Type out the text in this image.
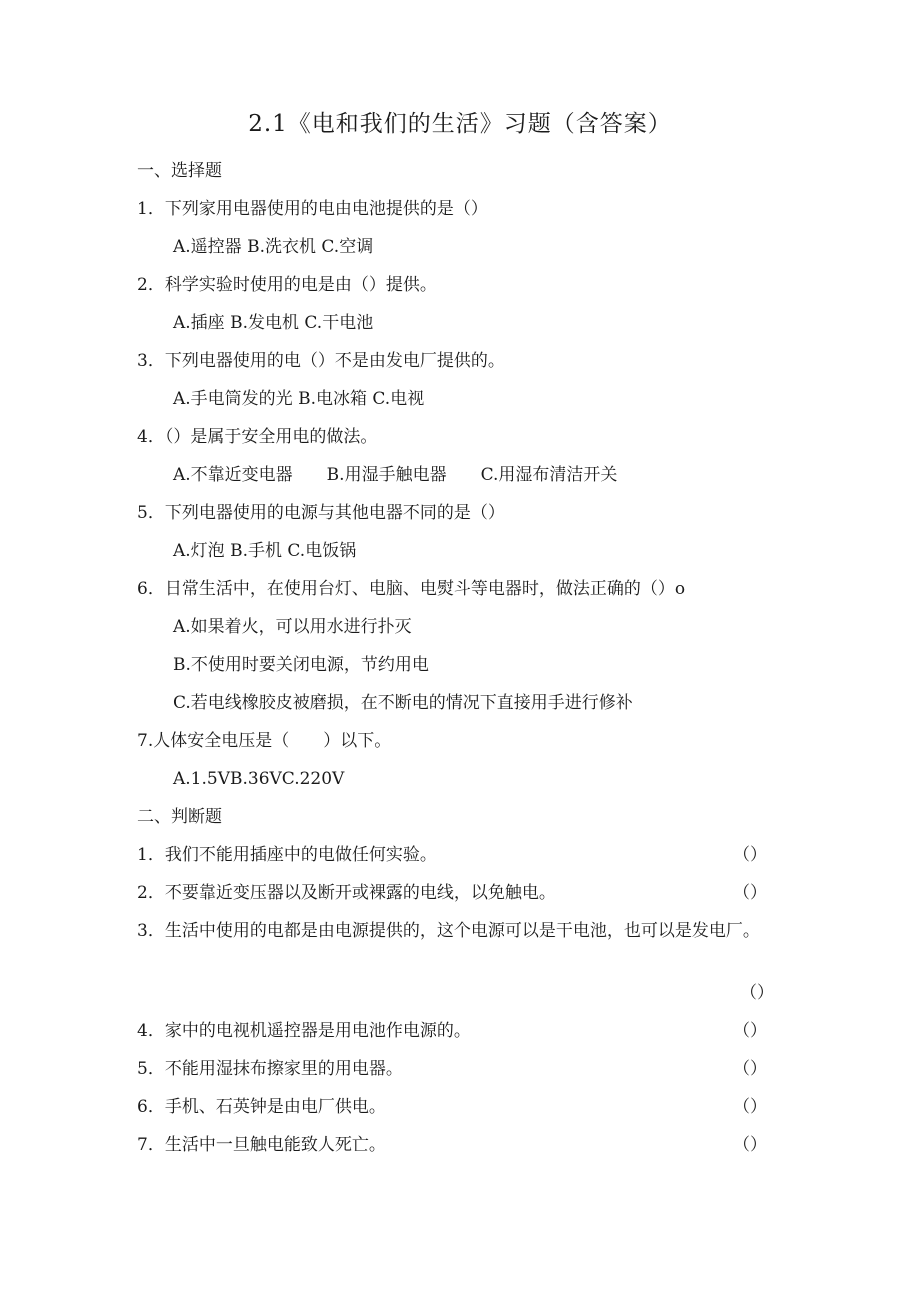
2.1《电和我们的生活》习题（含答案）
一、选择题
1．下列家用电器使用的电由电池提供的是（）
A.遥控器 B.洗衣机 C.空调
2．科学实验时使用的电是由（）提供。
A.插座 B.发电机 C.干电池
3．下列电器使用的电（）不是由发电厂提供的。
A.手电筒发的光 B.电冰箱 C.电视
4．（）是属于安全用电的做法。
A.不靠近变电器　　B.用湿手触电器　　C.用湿布清洁开关
5．下列电器使用的电源与其他电器不同的是（）
A.灯泡 B.手机 C.电饭锅
6．日常生活中，在使用台灯、电脑、电熨斗等电器时，做法正确的（）o
A.如果着火，可以用水进行扑灭
B.不使用时要关闭电源，节约用电
C.若电线橡胶皮被磨损，在不断电的情况下直接用手进行修补
7.人体安全电压是（　　）以下。
A.1.5VB.36VC.220V
二、判断题
1．我们不能用插座中的电做任何实验。	（）
2．不要靠近变压器以及断开或裸露的电线，以免触电。	（）
3．生活中使用的电都是由电源提供的，这个电源可以是干电池，也可以是发电厂。
（）
4．家中的电视机遥控器是用电池作电源的。	（）
5．不能用湿抹布擦家里的用电器。	（）
6．手机、石英钟是由电厂供电。	（）
7．生活中一旦触电能致人死亡。	（）
